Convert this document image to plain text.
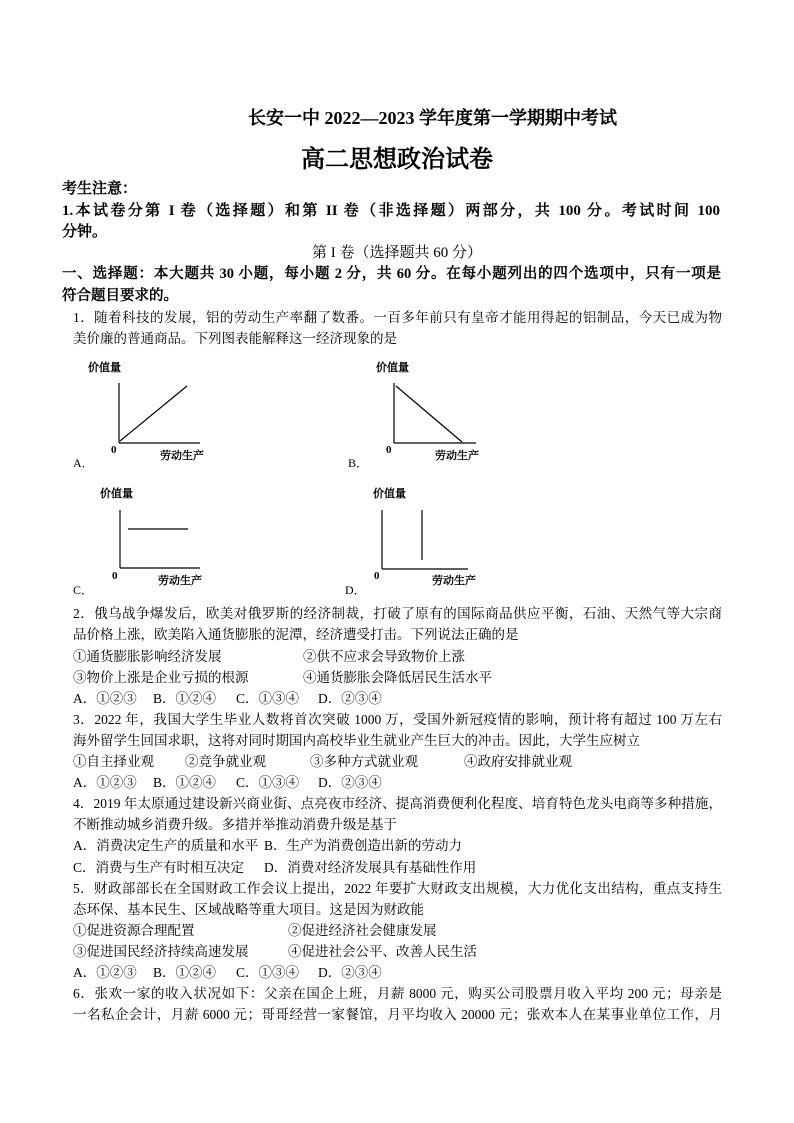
长安一中 2022—2023 学年度第一学期期中考试
高二思想政治试卷
考生注意：
1.本试卷分第 I 卷（选择题）和第 II 卷（非选择题）两部分，共 100 分。考试时间 100
分钟。
第 I 卷（选择题共 60 分）
一、选择题：本大题共 30 小题，每小题 2 分，共 60 分。在每小题列出的四个选项中，只有一项是
符合题目要求的。
1．随着科技的发展，铝的劳动生产率翻了数番。一百多年前只有皇帝才能用得起的铝制品，今天已成为物
美价廉的普通商品。下列图表能解释这一经济现象的是
价值量
0	劳动生产
A．
价值量
0	劳动生产
B．
价值量
0	劳动生产
C．
价值量
0	劳动生产
D．
2．俄乌战争爆发后，欧美对俄罗斯的经济制裁，打破了原有的国际商品供应平衡，石油、天然气等大宗商
品价格上涨，欧美陷入通货膨胀的泥潭，经济遭受打击。下列说法正确的是
①通货膨胀影响经济发展	②供不应求会导致物价上涨
③物价上涨是企业亏损的根源	④通货膨胀会降低居民生活水平
A．①②③ B．①②④ C．①③④ D．②③④
3．2022 年，我国大学生毕业人数将首次突破 1000 万，受国外新冠疫情的影响，预计将有超过 100 万左右
海外留学生回国求职，这将对同时期国内高校毕业生就业产生巨大的冲击。因此，大学生应树立
①自主择业观 ②竞争就业观	③多种方式就业观	④政府安排就业观
A．①②③ B．①②④ C．①③④ D．②③④
4．2019 年太原通过建设新兴商业街、点亮夜市经济、提高消费便利化程度、培育特色龙头电商等多种措施，
不断推动城乡消费升级。多措并举推动消费升级是基于
A．消费决定生产的质量和水平 B．生产为消费创造出新的劳动力
C．消费与生产有时相互决定 D．消费对经济发展具有基础性作用
5．财政部部长在全国财政工作会议上提出，2022 年要扩大财政支出规模，大力优化支出结构，重点支持生
态环保、基本民生、区域战略等重大项目。这是因为财政能
①促进资源合理配置	②促进经济社会健康发展
③促进国民经济持续高速发展	④促进社会公平、改善人民生活
A．①②③ B．①②④ C．①③④ D．②③④
6．张欢一家的收入状况如下：父亲在国企上班，月薪 8000 元，购买公司股票月收入平均 200 元；母亲是
一名私企会计，月薪 6000 元；哥哥经营一家餐馆，月平均收入 20000 元；张欢本人在某事业单位工作，月
